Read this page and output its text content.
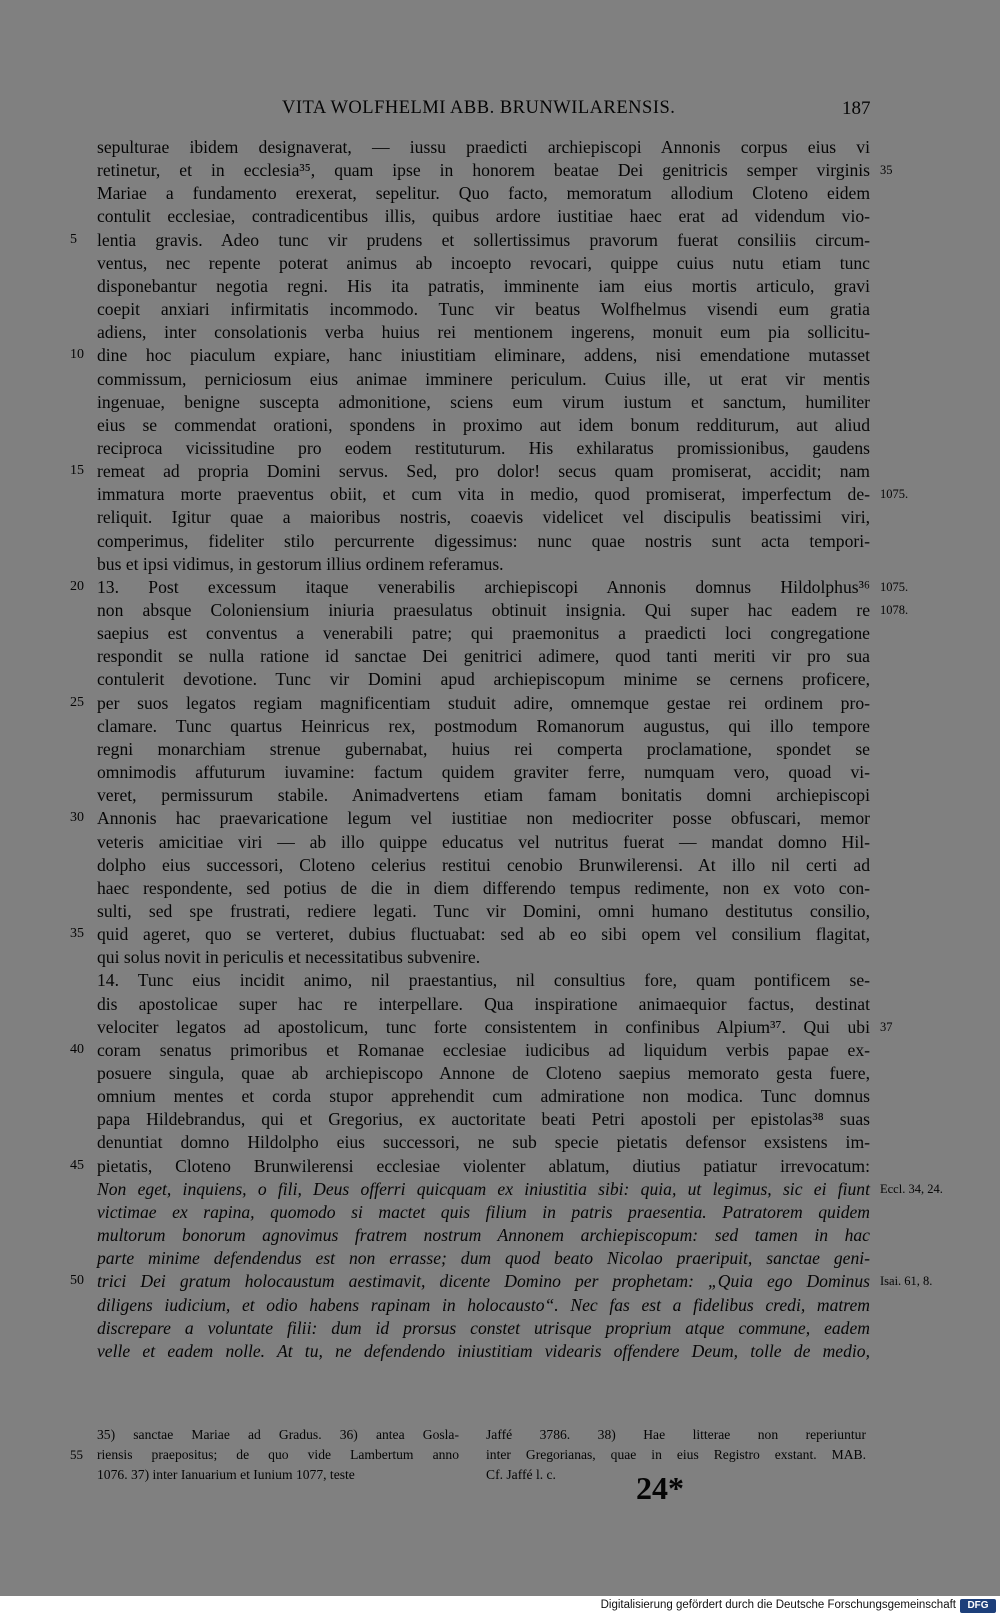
VITA WOLFHELMI ABB. BRUNWILARENSIS.	187
sepulturae ibidem designaverat, — iussu praedicti archiepiscopi Annonis corpus eius vi
retinetur, et in ecclesia³⁵, quam ipse in honorem beatae Dei genitricis semper virginis 35
Mariae a fundamento erexerat, sepelitur. Quo facto, memoratum allodium Cloteno eidem
contulit ecclesiae, contradicentibus illis, quibus ardore iustitiae haec erat ad videndum vio-
lentia gravis. Adeo tunc vir prudens et sollertissimus pravorum fuerat consiliis circum-
5
ventus, nec repente poterat animus ab incoepto revocari, quippe cuius nutu etiam tunc
disponebantur negotia regni. His ita patratis, imminente iam eius mortis articulo, gravi
coepit anxiari infirmitatis incommodo. Tunc vir beatus Wolfhelmus visendi eum gratia
adiens, inter consolationis verba huius rei mentionem ingerens, monuit eum pia sollicitu-
dine hoc piaculum expiare, hanc iniustitiam eliminare, addens, nisi emendatione mutasset
10
commissum, perniciosum eius animae imminere periculum. Cuius ille, ut erat vir mentis
ingenuae, benigne suscepta admonitione, sciens eum virum iustum et sanctum, humiliter
eius se commendat orationi, spondens in proximo aut idem bonum redditurum, aut aliud
reciproca vicissitudine pro eodem restituturum. His exhilaratus promissionibus, gaudens
remeat ad propria Domini servus. Sed, pro dolor! secus quam promiserat, accidit; nam
15
immatura morte praeventus obiit, et cum vita in medio, quod promiserat, imperfectum de- 1075.
reliquit. Igitur quae a maioribus nostris, coaevis videlicet vel discipulis beatissimi viri,
comperimus, fideliter stilo percurrente digessimus: nunc quae nostris sunt acta tempori-
bus et ipsi vidimus, in gestorum illius ordinem referamus.
13. Post excessum itaque venerabilis archiepiscopi Annonis domnus Hildolphus³⁶
20	1075.
non absque Coloniensium iniuria praesulatus obtinuit insignia. Qui super hac eadem re 1078.
saepius est conventus a venerabili patre; qui praemonitus a praedicti loci congregatione
respondit se nulla ratione id sanctae Dei genitrici adimere, quod tanti meriti vir pro sua
contulerit devotione. Tunc vir Domini apud archiepiscopum minime se cernens proficere,
per suos legatos regiam magnificentiam studuit adire, omnemque gestae rei ordinem pro-
25
clamare. Tunc quartus Heinricus rex, postmodum Romanorum augustus, qui illo tempore
regni monarchiam strenue gubernabat, huius rei comperta proclamatione, spondet se
omnimodis affuturum iuvamine: factum quidem graviter ferre, numquam vero, quoad vi-
veret, permissurum stabile. Animadvertens etiam famam bonitatis domni archiepiscopi
Annonis hac praevaricatione legum vel iustitiae non mediocriter posse obfuscari, memor
30
veteris amicitiae viri — ab illo quippe educatus vel nutritus fuerat — mandat domno Hil-
dolpho eius successori, Cloteno celerius restitui cenobio Brunwilerensi. At illo nil certi ad
haec respondente, sed potius de die in diem differendo tempus redimente, non ex voto con-
sulti, sed spe frustrati, rediere legati. Tunc vir Domini, omni humano destitutus consilio,
quid ageret, quo se verteret, dubius fluctuabat: sed ab eo sibi opem vel consilium flagitat,
35
qui solus novit in periculis et necessitatibus subvenire.
14. Tunc eius incidit animo, nil praestantius, nil consultius fore, quam pontificem se-
dis apostolicae super hac re interpellare. Qua inspiratione animaequior factus, destinat
velociter legatos ad apostolicum, tunc forte consistentem in confinibus Alpium³⁷. Qui ubi 37
coram senatus primoribus et Romanae ecclesiae iudicibus ad liquidum verbis papae ex-
40
posuere singula, quae ab archiepiscopo Annone de Cloteno saepius memorato gesta fuere,
omnium mentes et corda stupor apprehendit cum admiratione non modica. Tunc domnus
papa Hildebrandus, qui et Gregorius, ex auctoritate beati Petri apostoli per epistolas³⁸ suas
denuntiat domno Hildolpho eius successori, ne sub specie pietatis defensor exsistens im-
pietatis, Cloteno Brunwilerensi ecclesiae violenter ablatum, diutius patiatur irrevocatum:
45
Non eget, inquiens, o fili, Deus offerri quicquam ex iniustitia sibi: quia, ut legimus, sic ei fiunt Eccl. 34, 24.
victimae ex rapina, quomodo si mactet quis filium in patris praesentia. Patratorem quidem
multorum bonorum agnovimus fratrem nostrum Annonem archiepiscopum: sed tamen in hac
parte minime defendendus est non errasse; dum quod beato Nicolao praeripuit, sanctae geni-
trici Dei gratum holocaustum aestimavit, dicente Domino per prophetam: „Quia ego Dominus
50	Isai. 61, 8.
diligens iudicium, et odio habens rapinam in holocausto“. Nec fas est a fidelibus credi, matrem
discrepare a voluntate filii: dum id prorsus constet utrisque proprium atque commune, eadem
velle et eadem nolle. At tu, ne defendendo iniustitiam videaris offendere Deum, tolle de medio,
35) sanctae Mariae ad Gradus. 36) antea Gosla-
riensis praepositus; de quo vide Lambertum anno
1076. 37) inter Ianuarium et Iunium 1077, teste
55
Jaffé 3786. 38) Hae litterae non reperiuntur
inter Gregorianas, quae in eius Registro exstant. MAB.
Cf. Jaffé l. c.	24*
Digitalisierung gefördert durch die Deutsche Forschungsgemeinschaft	DFG
